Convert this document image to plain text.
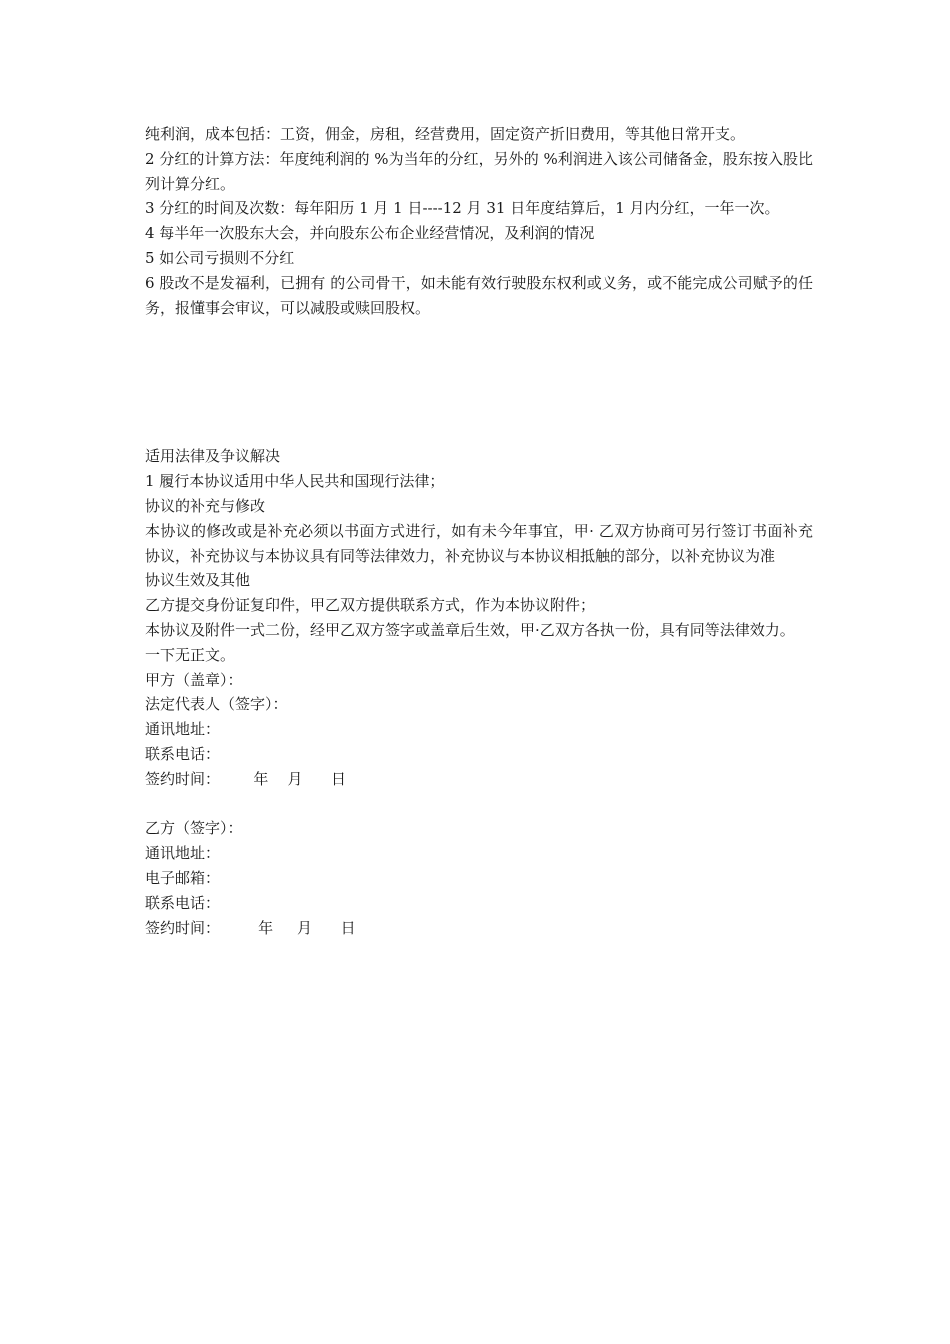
纯利润，成本包括：工资，佣金，房租，经营费用，固定资产折旧费用，等其他日常开支。
2 分红的计算方法：年度纯利润的 %为当年的分红，另外的 %利润进入该公司储备金，股东按入股比列计算分红。
3 分红的时间及次数：每年阳历 1 月 1 日----12 月 31 日年度结算后，1 月内分红，一年一次。
4 每半年一次股东大会，并向股东公布企业经营情况，及利润的情况
5 如公司亏损则不分红
6 股改不是发福利，已拥有 的公司骨干，如未能有效行驶股东权利或义务，或不能完成公司赋予的任务，报懂事会审议，可以减股或赎回股权。
适用法律及争议解决
1 履行本协议适用中华人民共和国现行法律；
协议的补充与修改
本协议的修改或是补充必须以书面方式进行，如有未今年事宜，甲· 乙双方协商可另行签订书面补充协议，补充协议与本协议具有同等法律效力，补充协议与本协议相抵触的部分，以补充协议为准
协议生效及其他
乙方提交身份证复印件，甲乙双方提供联系方式，作为本协议附件；
本协议及附件一式二份，经甲乙双方签字或盖章后生效，甲·乙双方各执一份，具有同等法律效力。
一下无正文。
甲方（盖章）：
法定代表人（签字）：
通讯地址：
联系电话：
签约时间：       年    月      日
乙方（签字）：
通讯地址：
电子邮箱：
联系电话：
签约时间：        年     月      日
